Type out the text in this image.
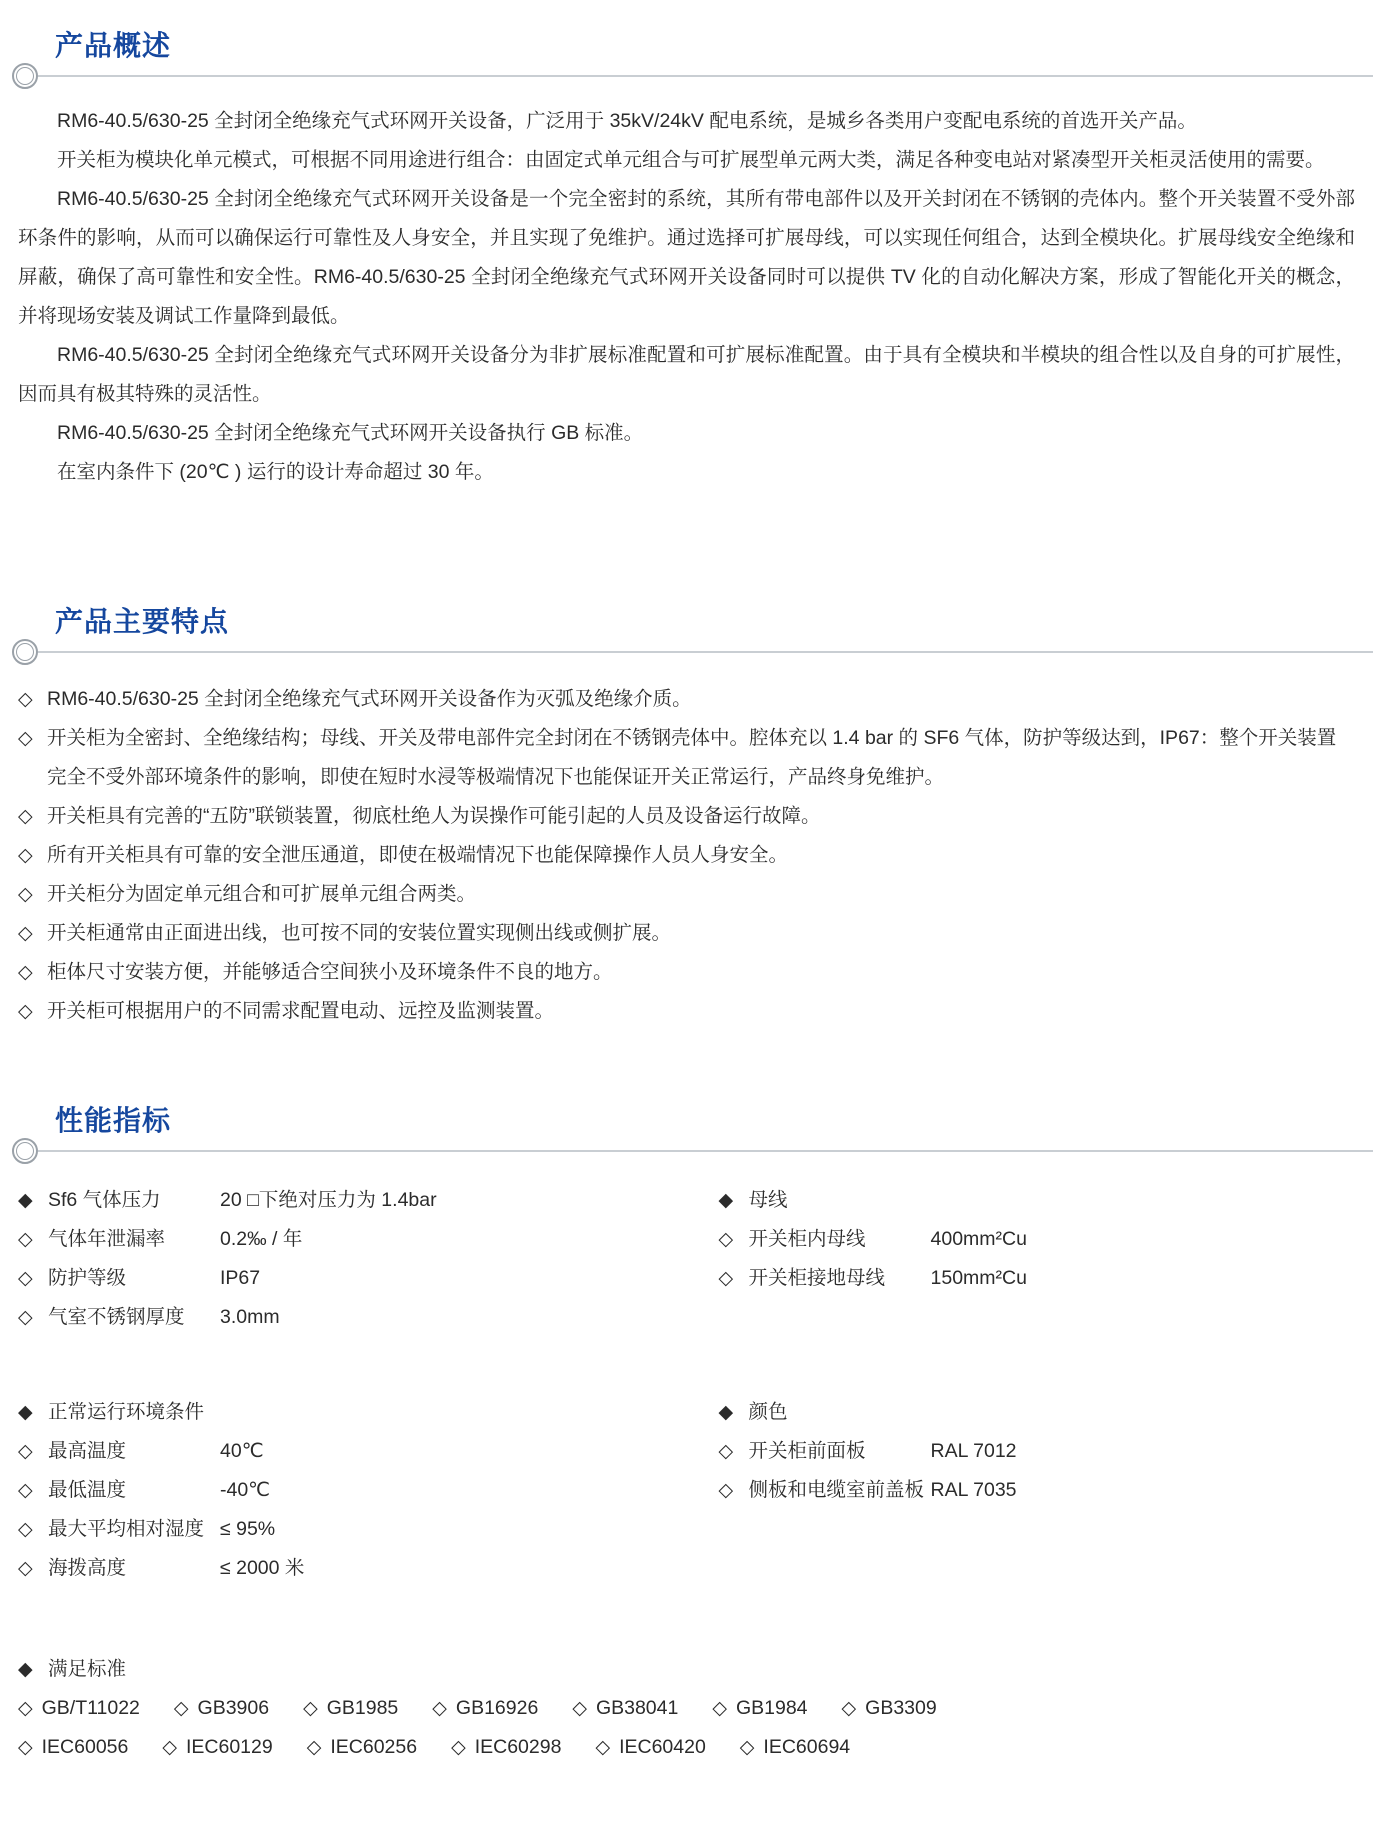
产品概述

RM6-40.5/630-25 全封闭全绝缘充气式环网开关设备，广泛用于 35kV/24kV 配电系统，是城乡各类用户变配电系统的首选开关产品。

开关柜为模块化单元模式，可根据不同用途进行组合：由固定式单元组合与可扩展型单元两大类，满足各种变电站对紧凑型开关柜灵活使用的需要。

RM6-40.5/630-25 全封闭全绝缘充气式环网开关设备是一个完全密封的系统，其所有带电部件以及开关封闭在不锈钢的壳体内。整个开关装置不受外部环条件的影响，从而可以确保运行可靠性及人身安全，并且实现了免维护。通过选择可扩展母线，可以实现任何组合，达到全模块化。扩展母线安全绝缘和屏蔽，确保了高可靠性和安全性。RM6-40.5/630-25 全封闭全绝缘充气式环网开关设备同时可以提供 TV 化的自动化解决方案，形成了智能化开关的概念，并将现场安装及调试工作量降到最低。

RM6-40.5/630-25 全封闭全绝缘充气式环网开关设备分为非扩展标准配置和可扩展标准配置。由于具有全模块和半模块的组合性以及自身的可扩展性，因而具有极其特殊的灵活性。

RM6-40.5/630-25 全封闭全绝缘充气式环网开关设备执行 GB 标准。

在室内条件下 (20℃ ) 运行的设计寿命超过 30 年。

产品主要特点
◇ RM6-40.5/630-25 全封闭全绝缘充气式环网开关设备作为灭弧及绝缘介质。
◇ 开关柜为全密封、全绝缘结构；母线、开关及带电部件完全封闭在不锈钢壳体中。腔体充以 1.4 bar 的 SF6 气体，防护等级达到，IP67：整个开关装置完全不受外部环境条件的影响，即使在短时水浸等极端情况下也能保证开关正常运行，产品终身免维护。
◇ 开关柜具有完善的“五防”联锁装置，彻底杜绝人为误操作可能引起的人员及设备运行故障。
◇ 所有开关柜具有可靠的安全泄压通道，即使在极端情况下也能保障操作人员人身安全。
◇ 开关柜分为固定单元组合和可扩展单元组合两类。
◇ 开关柜通常由正面进出线，也可按不同的安装位置实现侧出线或侧扩展。
◇ 柜体尺寸安装方便，并能够适合空间狭小及环境条件不良的地方。
◇ 开关柜可根据用户的不同需求配置电动、远控及监测装置。
性能指标
◆ Sf6 气体压力	20 □下绝对压力为 1.4bar
◇ 气体年泄漏率	0.2‰ / 年
◇ 防护等级	IP67
◇ 气室不锈钢厚度	3.0mm
◆ 母线
◇ 开关柜内母线	400mm²Cu
◇ 开关柜接地母线	150mm²Cu
◆ 正常运行环境条件
◇ 最高温度	40℃
◇ 最低温度	-40℃
◇ 最大平均相对湿度 ≤ 95%
◇ 海拨高度	≤ 2000 米
◆ 颜色
◇ 开关柜前面板	RAL 7012
◇ 侧板和电缆室前盖板 RAL 7035
◆ 满足标准
◇ GB/T11022 ◇ GB3906 ◇ GB1985 ◇ GB16926 ◇ GB38041 ◇ GB1984 ◇ GB3309
◇ IEC60056 ◇ IEC60129 ◇ IEC60256 ◇ IEC60298 ◇ IEC60420 ◇ IEC60694
